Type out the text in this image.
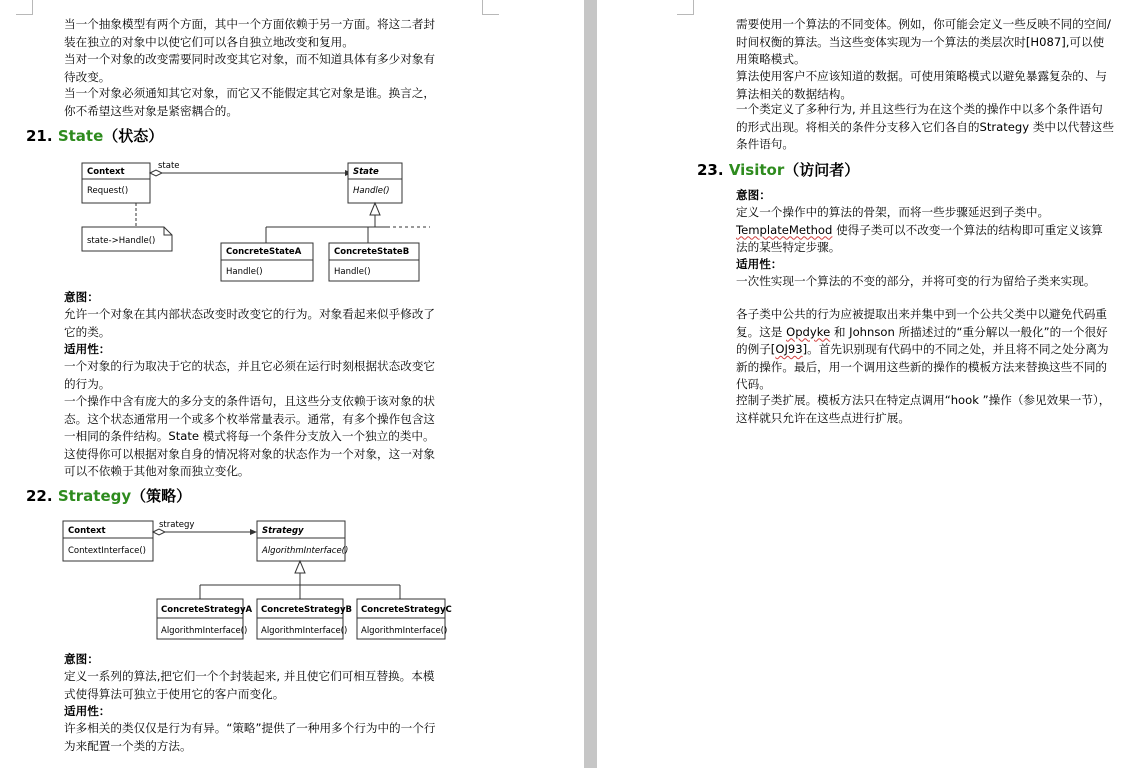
当一个抽象模型有两个方面，其中一个方面依赖于另一方面。将这二者封装在独立的对象中以使它们可以各自独立地改变和复用。

当对一个对象的改变需要同时改变其它对象，而不知道具体有多少对象有待改变。

当一个对象必须通知其它对象，而它又不能假定其它对象是谁。换言之，你不希望这些对象是紧密耦合的。

21. State（状态）
Context
Request()
state
State
Handle()
state->Handle()
ConcreteStateA
Handle()
ConcreteStateB
Handle()
意图：

允许一个对象在其内部状态改变时改变它的行为。对象看起来似乎修改了它的类。

适用性：

一个对象的行为取决于它的状态，并且它必须在运行时刻根据状态改变它的行为。

一个操作中含有庞大的多分支的条件语句，且这些分支依赖于该对象的状态。这个状态通常用一个或多个枚举常量表示。通常，有多个操作包含这一相同的条件结构。State 模式将每一个条件分支放入一个独立的类中。这使得你可以根据对象自身的情况将对象的状态作为一个对象，这一对象可以不依赖于其他对象而独立变化。

22. Strategy（策略）
Context
ContextInterface()
strategy
Strategy
AlgorithmInterface()
ConcreteStrategyA
AlgorithmInterface()
ConcreteStrategyB
AlgorithmInterface()
ConcreteStrategyC
AlgorithmInterface()
意图：

定义一系列的算法,把它们一个个封装起来, 并且使它们可相互替换。本模式使得算法可独立于使用它的客户而变化。

适用性：

许多相关的类仅仅是行为有异。“策略”提供了一种用多个行为中的一个行为来配置一个类的方法。

需要使用一个算法的不同变体。例如，你可能会定义一些反映不同的空间/时间权衡的算法。当这些变体实现为一个算法的类层次时[H087],可以使用策略模式。

算法使用客户不应该知道的数据。可使用策略模式以避免暴露复杂的、与算法相关的数据结构。

一个类定义了多种行为, 并且这些行为在这个类的操作中以多个条件语句的形式出现。将相关的条件分支移入它们各自的Strategy 类中以代替这些条件语句。

23. Visitor（访问者）
意图：

定义一个操作中的算法的骨架，而将一些步骤延迟到子类中。TemplateMethod 使得子类可以不改变一个算法的结构即可重定义该算法的某些特定步骤。

适用性：

一次性实现一个算法的不变的部分，并将可变的行为留给子类来实现。

各子类中公共的行为应被提取出来并集中到一个公共父类中以避免代码重复。这是 Opdyke 和 Johnson 所描述过的“重分解以一般化”的一个很好的例子[OJ93]。首先识别现有代码中的不同之处，并且将不同之处分离为新的操作。最后，用一个调用这些新的操作的模板方法来替换这些不同的代码。

控制子类扩展。模板方法只在特定点调用“hook ”操作（参见效果一节），这样就只允许在这些点进行扩展。
